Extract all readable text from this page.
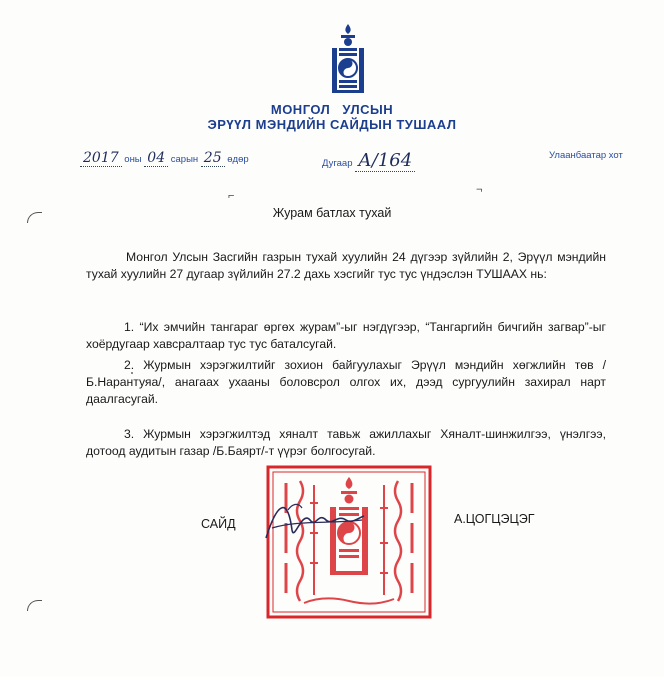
МОНГОЛ УЛСЫН
ЭРҮҮЛ МЭНДИЙН САЙДЫН ТУШААЛ
2017 оны 04 сарын 25 өдөр	Дугаар А/164	Улаанбаатар хот
⌐	¬
Журам батлах тухай
Монгол Улсын Засгийн газрын тухай хуулийн 24 дүгээр зүйлийн 2, Эрүүл мэндийн тухай хуулийн 27 дугаар зүйлийн 27.2 дахь хэсгийг тус тус үндэслэн ТУШААХ нь:
1. “Их эмчийн тангараг өргөх журам”-ыг нэгдүгээр, “Тангаргийн бичгийн загвар”-ыг хоёрдугаар хавсралтаар тус тус баталсугай.
2. Журмын хэрэгжилтийг зохион байгуулахыг Эрүүл мэндийн хөгжлийн төв /Б.Нарантуяа/, анагаах ухааны боловсрол олгох их, дээд сургуулийн захирал нарт даалгасугай.
3. Журмын хэрэгжилтэд хяналт тавьж ажиллахыг Хяналт-шинжилгээ, үнэлгээ, дотоод аудитын газар /Б.Баярт/-т үүрэг болгосугай.
САЙД	А.ЦОГЦЭЦЭГ
